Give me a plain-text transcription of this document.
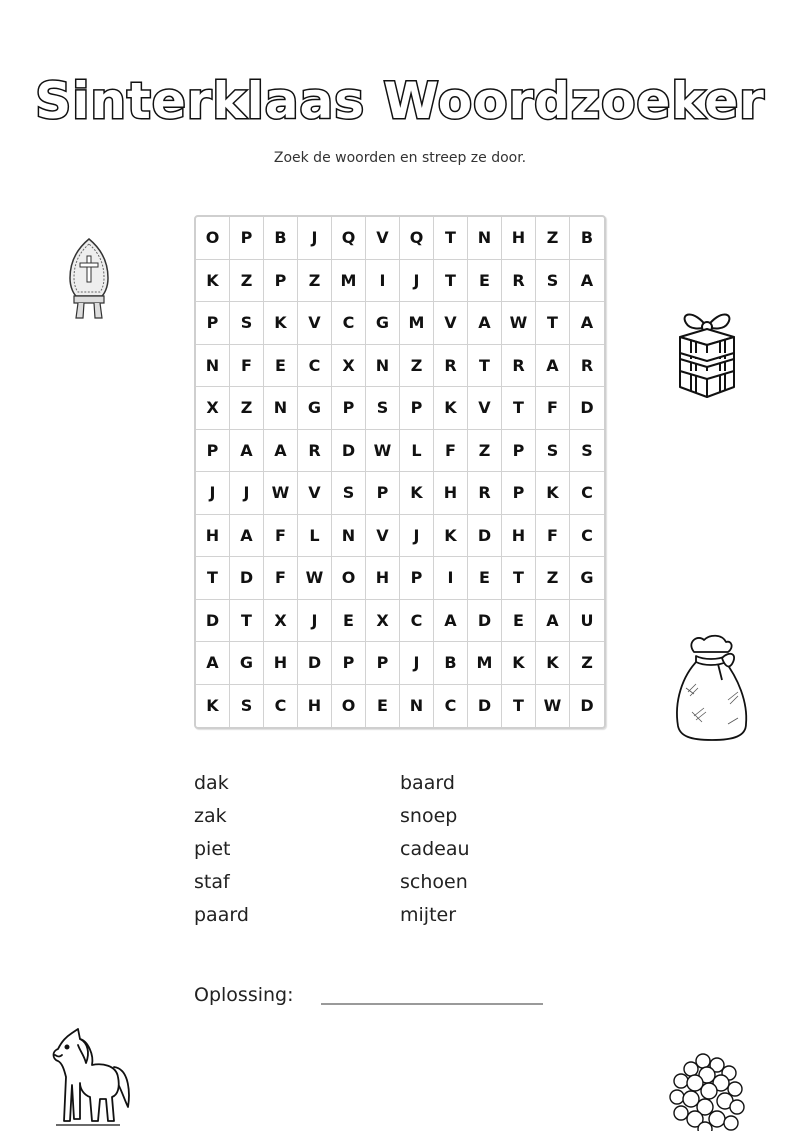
Sinterklaas Woordzoeker
Zoek de woorden en streep ze door.
O	P	B	J	Q	V	Q	T	N	H	Z	B
K	Z	P	Z	M	I	J	T	E	R	S	A
P	S	K	V	C	G	M	V	A	W	T	A
N	F	E	C	X	N	Z	R	T	R	A	R
X	Z	N	G	P	S	P	K	V	T	F	D
P	A	A	R	D	W	L	F	Z	P	S	S
J	J	W	V	S	P	K	H	R	P	K	C
H	A	F	L	N	V	J	K	D	H	F	C
T	D	F	W	O	H	P	I	E	T	Z	G
D	T	X	J	E	X	C	A	D	E	A	U
A	G	H	D	P	P	J	B	M	K	K	Z
K	S	C	H	O	E	N	C	D	T	W	D
dak	baard
zak	snoep
piet	cadeau
staf	schoen
paard	mijter
Oplossing:
